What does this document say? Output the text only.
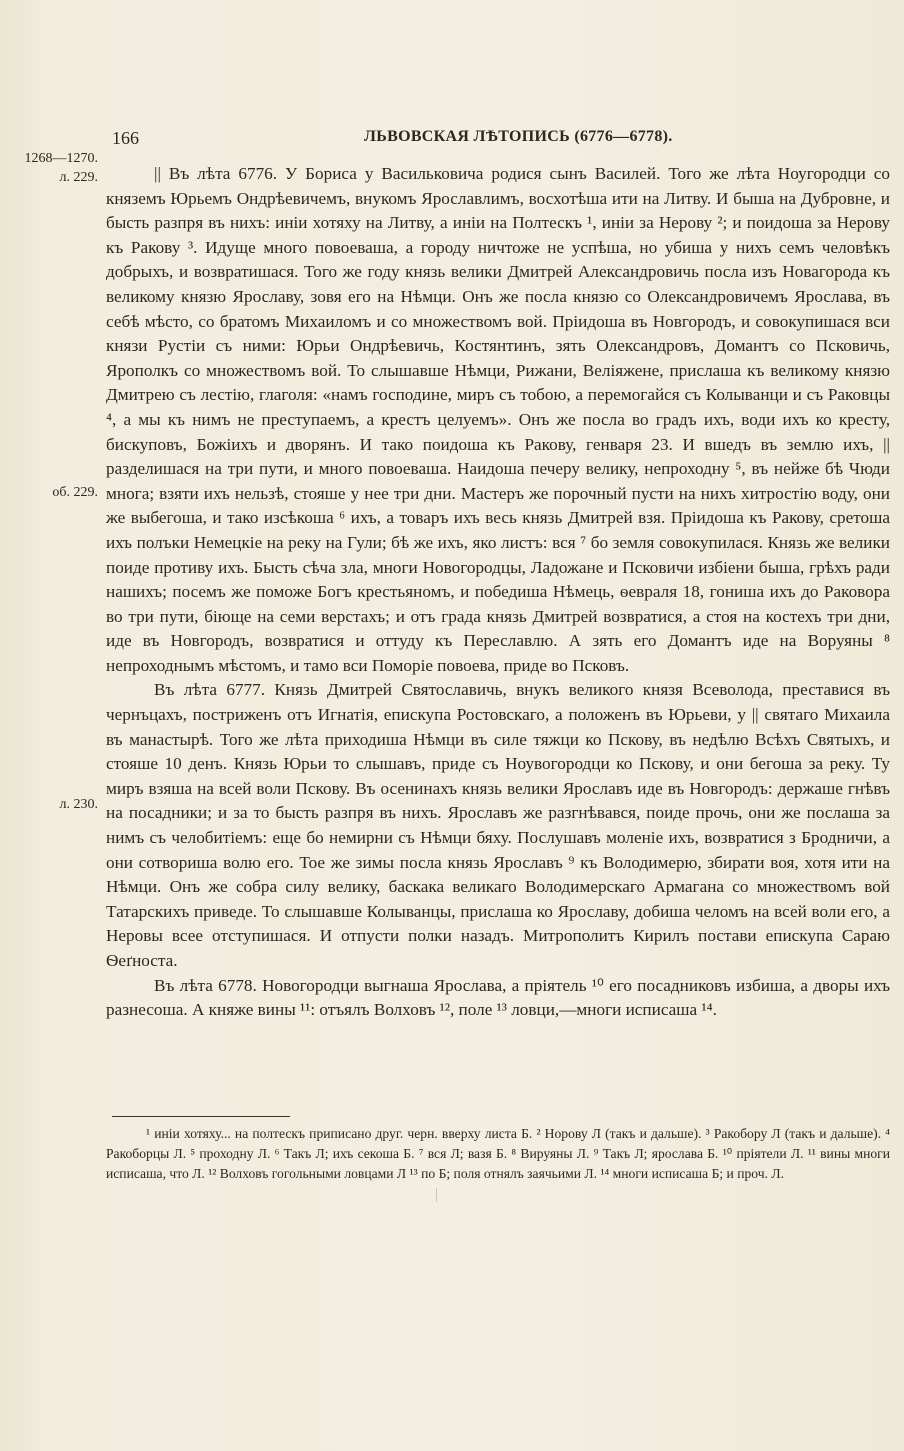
166	ЛЬВОВСКАЯ ЛѢТОПИСЬ (6776—6778).
1268—1270.
л. 229.
об. 229.
л. 230.

|| Въ лѣта 6776. У Бориса у Васильковича родися сынъ Василей. Того же лѣта Ноугородци со княземъ Юрьемъ Ондрѣевичемъ, внукомъ Ярославлимъ, восхотѣша ити на Литву. И быша на Дубровне, и бысть разпря въ нихъ: иніи хотяху на Литву, а иніи на Полтескъ ¹, иніи за Нерову ²; и поидоша за Нерову къ Ракову ³. Идуще много повоеваша, а городу ничтоже не успѣша, но убиша у нихъ семъ человѣкъ добрыхъ, и возвратишася. Того же году князь велики Дмитрей Александровичь посла изъ Новагорода къ великому князю Ярославу, зовя его на Нѣмци. Онъ же посла князю со Олександровичемъ Ярослава, въ себѣ мѣсто, со братомъ Михаиломъ и со множествомъ вой. Пріидоша въ Новгородъ, и совокупишася вси князи Рустіи съ ними: Юрьи Ондрѣевичь, Костянтинъ, зять Олександровъ, Домантъ со Псковичь, Ярополкъ со множествомъ вой. То слышавше Нѣмци, Рижани, Веліяжене, прислаша къ великому князю Дмитрею съ лестію, глаголя: «намъ господине, миръ съ тобою, а перемогайся съ Колыванци и съ Раковцы ⁴, а мы къ нимъ не преступаемъ, а крестъ целуемъ». Онъ же посла во градъ ихъ, води ихъ ко кресту, бискуповъ, Божіихъ и дворянъ. И тако поидоша къ Ракову, генваря 23. И вшедъ въ землю ихъ, || разделишася на три пути, и много повоеваша. Наидоша печеру велику, непроходну ⁵, въ нейже бѣ Чюди многа; взяти ихъ нельзѣ, стояше у нее три дни. Мастеръ же порочный пусти на нихъ хитростію воду, они же выбегоша, и тако изсѣкоша ⁶ ихъ, а товаръ ихъ весь князь Дмитрей взя. Пріидоша къ Ракову, сретоша ихъ полъки Немецкіе на реку на Гули; бѣ же ихъ, яко листъ: вся ⁷ бо земля совокупилася. Князь же велики поиде противу ихъ. Бысть сѣча зла, многи Новогородцы, Ладожане и Псковичи избіени быша, грѣхъ ради нашихъ; посемъ же поможе Богъ крестьяномъ, и победиша Нѣмець, ѳевраля 18, гониша ихъ до Раковора во три пути, біюще на семи верстахъ; и отъ града князь Дмитрей возвратися, а стоя на костехъ три дни, иде въ Новгородъ, возвратися и оттуду къ Переславлю. А зять его Домантъ иде на Воруяны ⁸ непроходнымъ мѣстомъ, и тамо вси Поморіе повоева, приде во Псковъ.

Въ лѣта 6777. Князь Дмитрей Святославичь, внукъ великого князя Всеволода, преставися въ чернъцахъ, постриженъ отъ Игнатія, епискупа Ростовскаго, а положенъ въ Юрьеви, у || святаго Михаила въ манастырѣ. Того же лѣта приходиша Нѣмци въ силе тяжци ко Пскову, въ недѣлю Всѣхъ Святыхъ, и стояше 10 денъ. Князь Юрьи то слышавъ, приде съ Ноувогородци ко Пскову, и они бегоша за реку. Ту миръ взяша на всей воли Пскову. Въ осенинахъ князь велики Ярославъ иде въ Новгородъ: держаше гнѣвъ на посадники; и за то бысть разпря въ нихъ. Ярославъ же разгнѣвався, поиде прочь, они же послаша за нимъ съ челобитіемъ: еще бо немирни съ Нѣмци бяху. Послушавъ моленіе ихъ, возвратися з Бродничи, а они сотвориша волю его. Тое же зимы посла князь Ярославъ ⁹ къ Володимерю, збирати воя, хотя ити на Нѣмци. Онъ же собра силу велику, баскака великаго Володимерскаго Армагана со множествомъ вой Татарскихъ приведе. То слышавше Колыванцы, прислаша ко Ярославу, добиша челомъ на всей воли его, а Неровы всее отступишася. И отпусти полки назадъ. Митрополитъ Кирилъ постави епискупа Сараю Ѳеґноста.

Въ лѣта 6778. Новогородци выгнаша Ярослава, а пріятель ¹⁰ его посадниковъ избиша, а дворы ихъ разнесоша. А княже вины ¹¹: отъялъ Волховъ ¹², поле ¹³ ловци,—многи исписаша ¹⁴.

¹ иніи хотяху... на полтескъ приписано друг. черн. вверху листа Б. ² Норову Л (такъ и дальше). ³ Ракобору Л (такъ и дальше). ⁴ Ракоборцы Л. ⁵ проходну Л. ⁶ Такъ Л; ихъ секоша Б. ⁷ вся Л; вазя Б. ⁸ Вируяны Л. ⁹ Такъ Л; ярослава Б. ¹⁰ пріятели Л. ¹¹ вины многи исписаша, что Л. ¹² Волховъ гогольными ловцами Л ¹³ по Б; поля отнялъ заячьими Л. ¹⁴ многи исписаша Б; и проч. Л.
